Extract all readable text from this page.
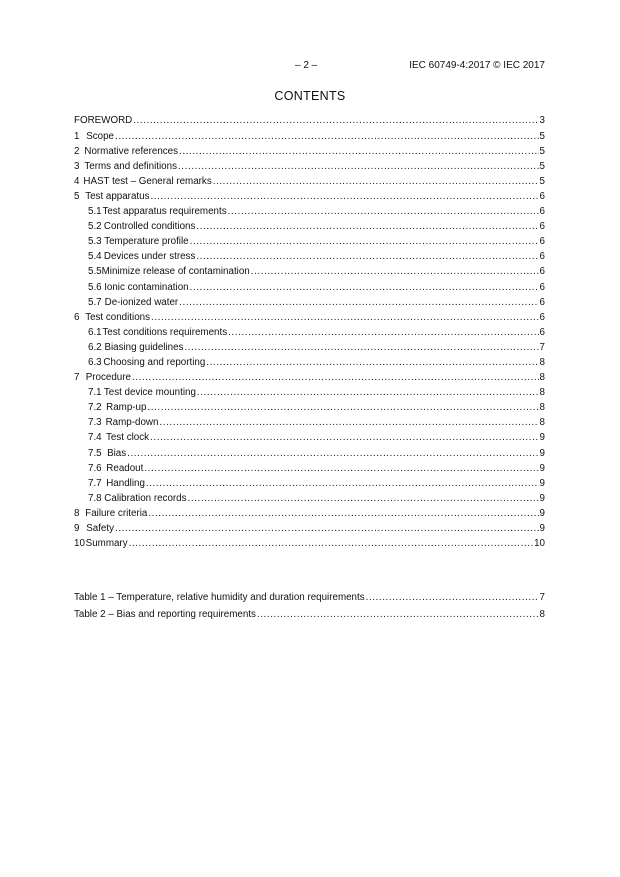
– 2 –	IEC 60749-4:2017 © IEC 2017
CONTENTS
FOREWORD .....	3
1 Scope .....	5
2 Normative references .....	5
3 Terms and definitions .....	5
4 HAST test – General remarks .....	5
5 Test apparatus .....	6
5.1 Test apparatus requirements .....	6
5.2 Controlled conditions .....	6
5.3 Temperature profile .....	6
5.4 Devices under stress .....	6
5.5 Minimize release of contamination .....	6
5.6 Ionic contamination .....	6
5.7 De-ionized water .....	6
6 Test conditions .....	6
6.1 Test conditions requirements .....	6
6.2 Biasing guidelines .....	7
6.3 Choosing and reporting .....	8
7 Procedure .....	8
7.1 Test device mounting .....	8
7.2 Ramp-up .....	8
7.3 Ramp-down .....	8
7.4 Test clock .....	9
7.5 Bias .....	9
7.6 Readout .....	9
7.7 Handling .....	9
7.8 Calibration records .....	9
8 Failure criteria .....	9
9 Safety .....	9
10 Summary .....	10
Table 1 – Temperature, relative humidity and duration requirements .....	7
Table 2 – Bias and reporting requirements .....	8
